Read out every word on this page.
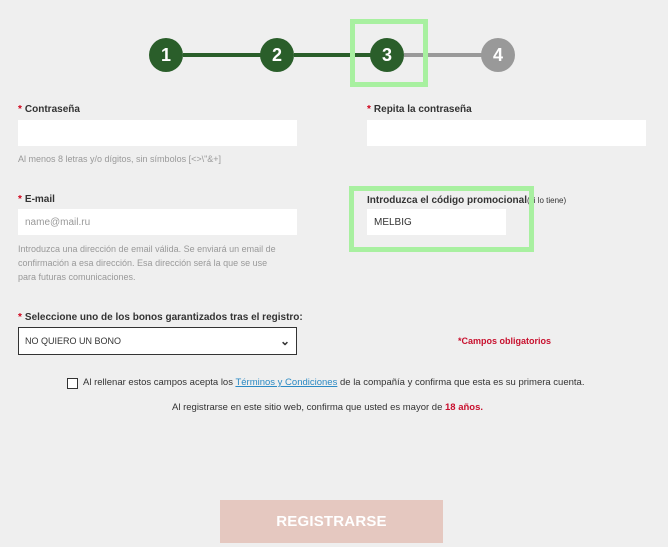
1	2	3	4
* Contraseña
Al menos 8 letras y/o dígitos, sin símbolos [<>\"&+]
* Repita la contraseña
* E-mail
name@mail.ru
Introduzca una dirección de email válida. Se enviará un email de
confirmación a esa dirección. Esa dirección será la que se use
para futuras comunicaciones.
Introduzca el código promocional(si lo tiene)
MELBIG
* Seleccione uno de los bonos garantizados tras el registro:
NO QUIERO UN BONO	⌄	*Campos obligatorios
Al rellenar estos campos acepta los Términos y Condiciones de la compañía y confirma que esta es su primera cuenta.
Al registrarse en este sitio web, confirma que usted es mayor de 18 años.
REGISTRARSE
